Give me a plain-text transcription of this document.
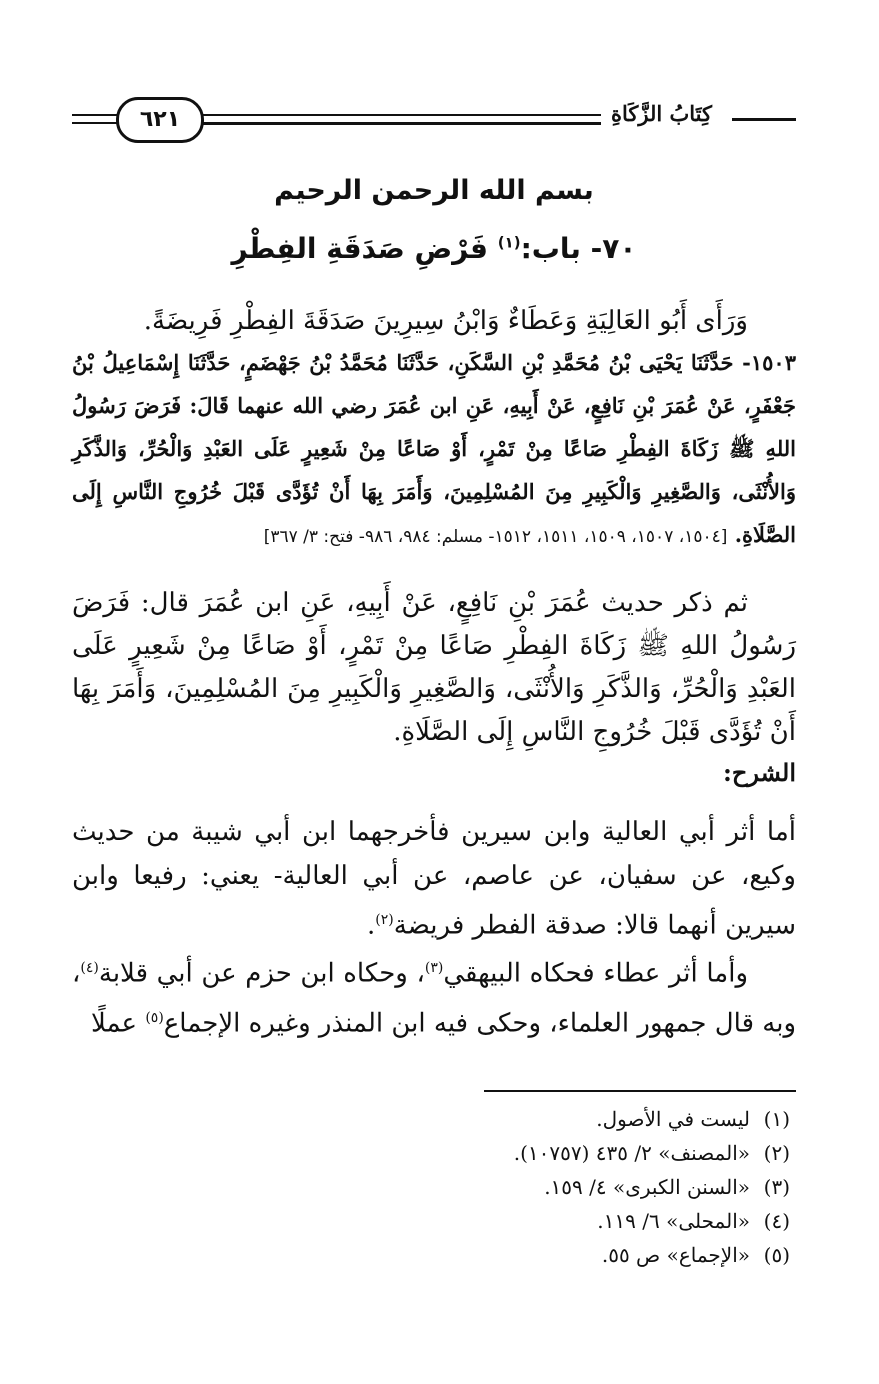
٦٢١	كِتَابُ الزَّكَاةِ
بسم الله الرحمن الرحيم
٧٠- باب:$^{(١)}$ فَرْضِ صَدَقَةِ الفِطْرِ
وَرَأَى أَبُو العَالِيَةِ وَعَطَاءٌ وَابْنُ سِيرِينَ صَدَقَةَ الفِطْرِ فَرِيضَةً.
١٥٠٣- حَدَّثَنَا يَحْيَى بْنُ مُحَمَّدِ بْنِ السَّكَنِ، حَدَّثَنَا مُحَمَّدُ بْنُ جَهْضَمٍ، حَدَّثَنَا إِسْمَاعِيلُ بْنُ جَعْفَرٍ، عَنْ عُمَرَ بْنِ نَافِعٍ، عَنْ أَبِيهِ، عَنِ ابن عُمَرَ رضي الله عنهما قَالَ: فَرَضَ رَسُولُ اللهِ ﷺ زَكَاةَ الفِطْرِ صَاعًا مِنْ تَمْرٍ، أَوْ صَاعًا مِنْ شَعِيرٍ عَلَى العَبْدِ وَالْحُرِّ، وَالذَّكَرِ وَالأُنْثَى، وَالصَّغِيرِ وَالْكَبِيرِ مِنَ المُسْلِمِينَ، وَأَمَرَ بِهَا أَنْ تُؤَدَّى قَبْلَ خُرُوجِ النَّاسِ إِلَى الصَّلَاةِ. [١٥٠٤، ١٥٠٧، ١٥٠٩، ١٥١١، ١٥١٢- مسلم: ٩٨٤، ٩٨٦- فتح: ٣/ ٣٦٧]
ثم ذكر حديث عُمَرَ بْنِ نَافِعٍ، عَنْ أَبِيهِ، عَنِ ابن عُمَرَ قال: فَرَضَ رَسُولُ اللهِ ﷺ زَكَاةَ الفِطْرِ صَاعًا مِنْ تَمْرٍ، أَوْ صَاعًا مِنْ شَعِيرٍ عَلَى العَبْدِ وَالْحُرِّ، وَالذَّكَرِ وَالأُنْثَى، وَالصَّغِيرِ وَالْكَبِيرِ مِنَ المُسْلِمِينَ، وَأَمَرَ بِهَا أَنْ تُؤَدَّى قَبْلَ خُرُوجِ النَّاسِ إِلَى الصَّلَاةِ.
الشرح:
أما أثر أبي العالية وابن سيرين فأخرجهما ابن أبي شيبة من حديث وكيع، عن سفيان، عن عاصم، عن أبي العالية- يعني: رفيعا وابن سيرين أنهما قالا: صدقة الفطر فريضة$^{(٢)}$.
وأما أثر عطاء فحكاه البيهقي$^{(٣)}$، وحكاه ابن حزم عن أبي قلابة$^{(٤)}$، وبه قال جمهور العلماء، وحكى فيه ابن المنذر وغيره الإجماع$^{(٥)}$ عملًا
(١)ليست في الأصول.
(٢)«المصنف» ٢/ ٤٣٥ (١٠٧٥٧).
(٣)«السنن الكبرى» ٤/ ١٥٩.
(٤)«المحلى» ٦/ ١١٩.
(٥)«الإجماع» ص ٥٥.
